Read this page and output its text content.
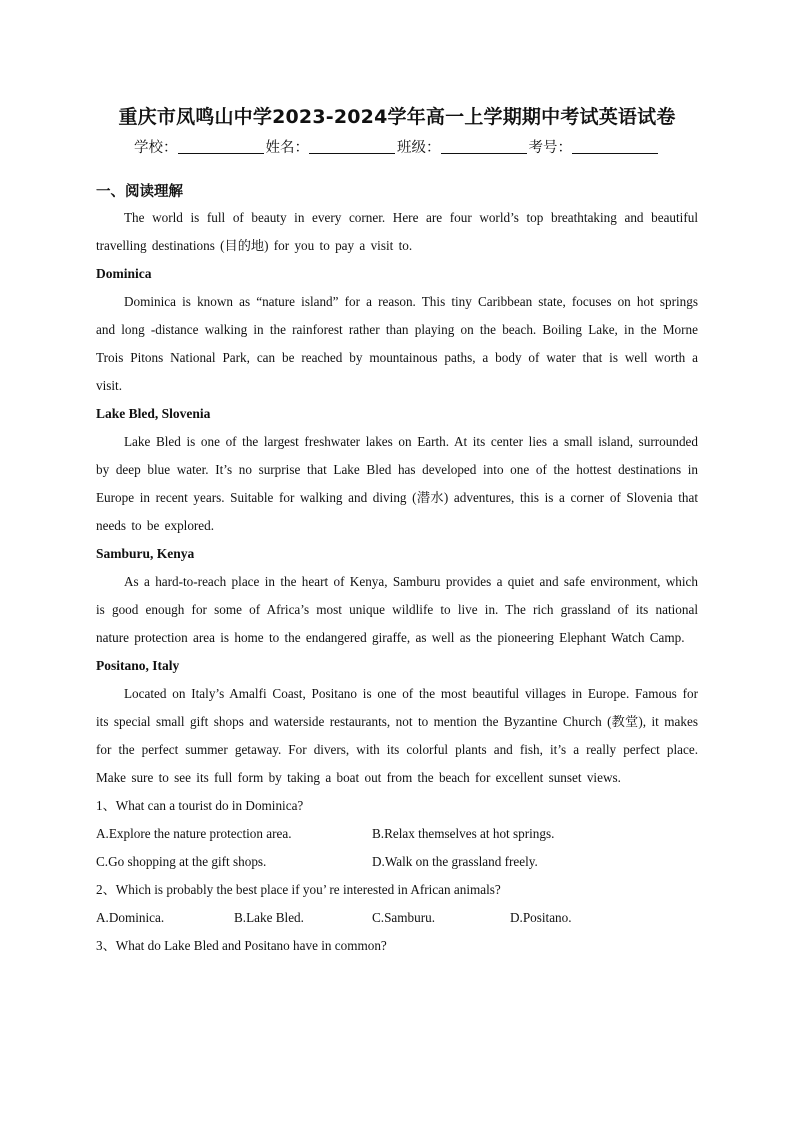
重庆市凤鸣山中学2023-2024学年高一上学期期中考试英语试卷
学校：	姓名：	班级：	考号：
一、阅读理解

The world is full of beauty in every corner. Here are four world’s top breathtaking and beautiful travelling destinations (目的地) for you to pay a visit to.

Dominica

Dominica is known as “nature island” for a reason. This tiny Caribbean state, focuses on hot springs and long -distance walking in the rainforest rather than playing on the beach. Boiling Lake, in the Morne Trois Pitons National Park, can be reached by mountainous paths, a body of water that is well worth a visit.

Lake Bled, Slovenia

Lake Bled is one of the largest freshwater lakes on Earth. At its center lies a small island, surrounded by deep blue water. It’s no surprise that Lake Bled has developed into one of the hottest destinations in Europe in recent years. Suitable for walking and diving (潜水) adventures, this is a corner of Slovenia that needs to be explored.

Samburu, Kenya

As a hard-to-reach place in the heart of Kenya, Samburu provides a quiet and safe environment, which is good enough for some of Africa’s most unique wildlife to live in. The rich grassland of its national nature protection area is home to the endangered giraffe, as well as the pioneering Elephant Watch Camp.

Positano, Italy

Located on Italy’s Amalfi Coast, Positano is one of the most beautiful villages in Europe. Famous for its special small gift shops and waterside restaurants, not to mention the Byzantine Church (教堂), it makes for the perfect summer getaway. For divers, with its colorful plants and fish, it’s a really perfect place. Make sure to see its full form by taking a boat out from the beach for excellent sunset views.

1、What can a tourist do in Dominica?
A.Explore the nature protection area.	B.Relax themselves at hot springs.
C.Go shopping at the gift shops.	D.Walk on the grassland freely.
2、Which is probably the best place if you’ re interested in African animals?
A.Dominica.	B.Lake Bled.	C.Samburu.	D.Positano.
3、What do Lake Bled and Positano have in common?
